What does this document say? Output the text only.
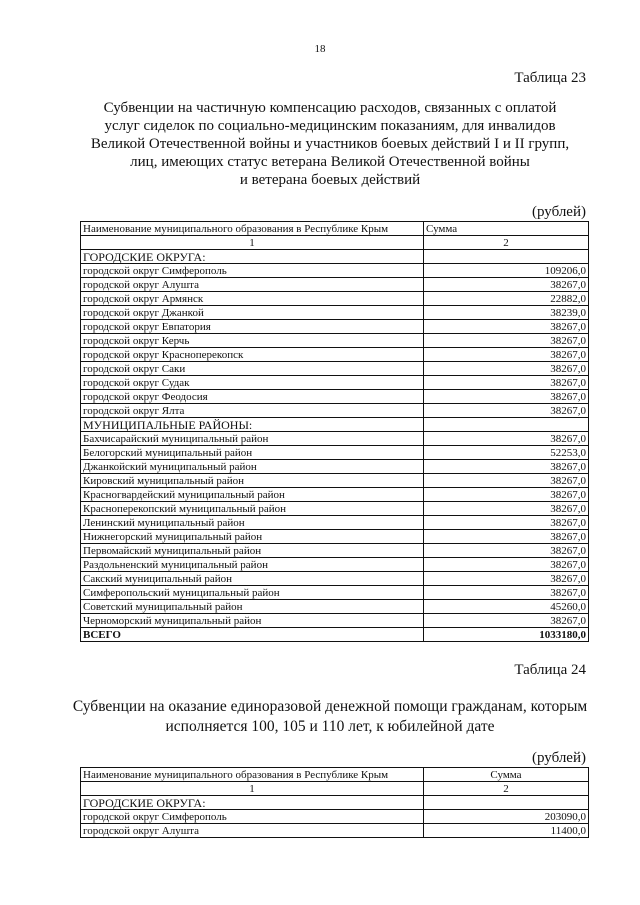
18
Таблица 23
Субвенции на частичную компенсацию расходов, связанных с оплатой
услуг сиделок по социально-медицинским показаниям, для инвалидов
Великой Отечественной войны и участников боевых действий I и II групп,
лиц, имеющих статус ветерана Великой Отечественной войны
и ветерана боевых действий
(рублей)
Наименование муниципального образования в Республике Крым	Сумма
1	2
ГОРОДСКИЕ ОКРУГА:	
городской округ Симферополь	109206,0
городской округ Алушта	38267,0
городской округ Армянск	22882,0
городской округ Джанкой	38239,0
городской округ Евпатория	38267,0
городской округ Керчь	38267,0
городской округ Красноперекопск	38267,0
городской округ Саки	38267,0
городской округ Судак	38267,0
городской округ Феодосия	38267,0
городской округ Ялта	38267,0
МУНИЦИПАЛЬНЫЕ РАЙОНЫ:	
Бахчисарайский муниципальный район	38267,0
Белогорский муниципальный район	52253,0
Джанкойский муниципальный район	38267,0
Кировский муниципальный район	38267,0
Красногвардейский муниципальный район	38267,0
Красноперекопский муниципальный район	38267,0
Ленинский муниципальный район	38267,0
Нижнегорский муниципальный район	38267,0
Первомайский муниципальный район	38267,0
Раздольненский муниципальный район	38267,0
Сакский муниципальный район	38267,0
Симферопольский муниципальный район	38267,0
Советский муниципальный район	45260,0
Черноморский муниципальный район	38267,0
ВСЕГО	1033180,0
Таблица 24
Субвенции на оказание единоразовой денежной помощи гражданам, которым
исполняется 100, 105 и 110 лет, к юбилейной дате
(рублей)
Наименование муниципального образования в Республике Крым	Сумма
1	2
ГОРОДСКИЕ ОКРУГА:	
городской округ Симферополь	203090,0
городской округ Алушта	11400,0
